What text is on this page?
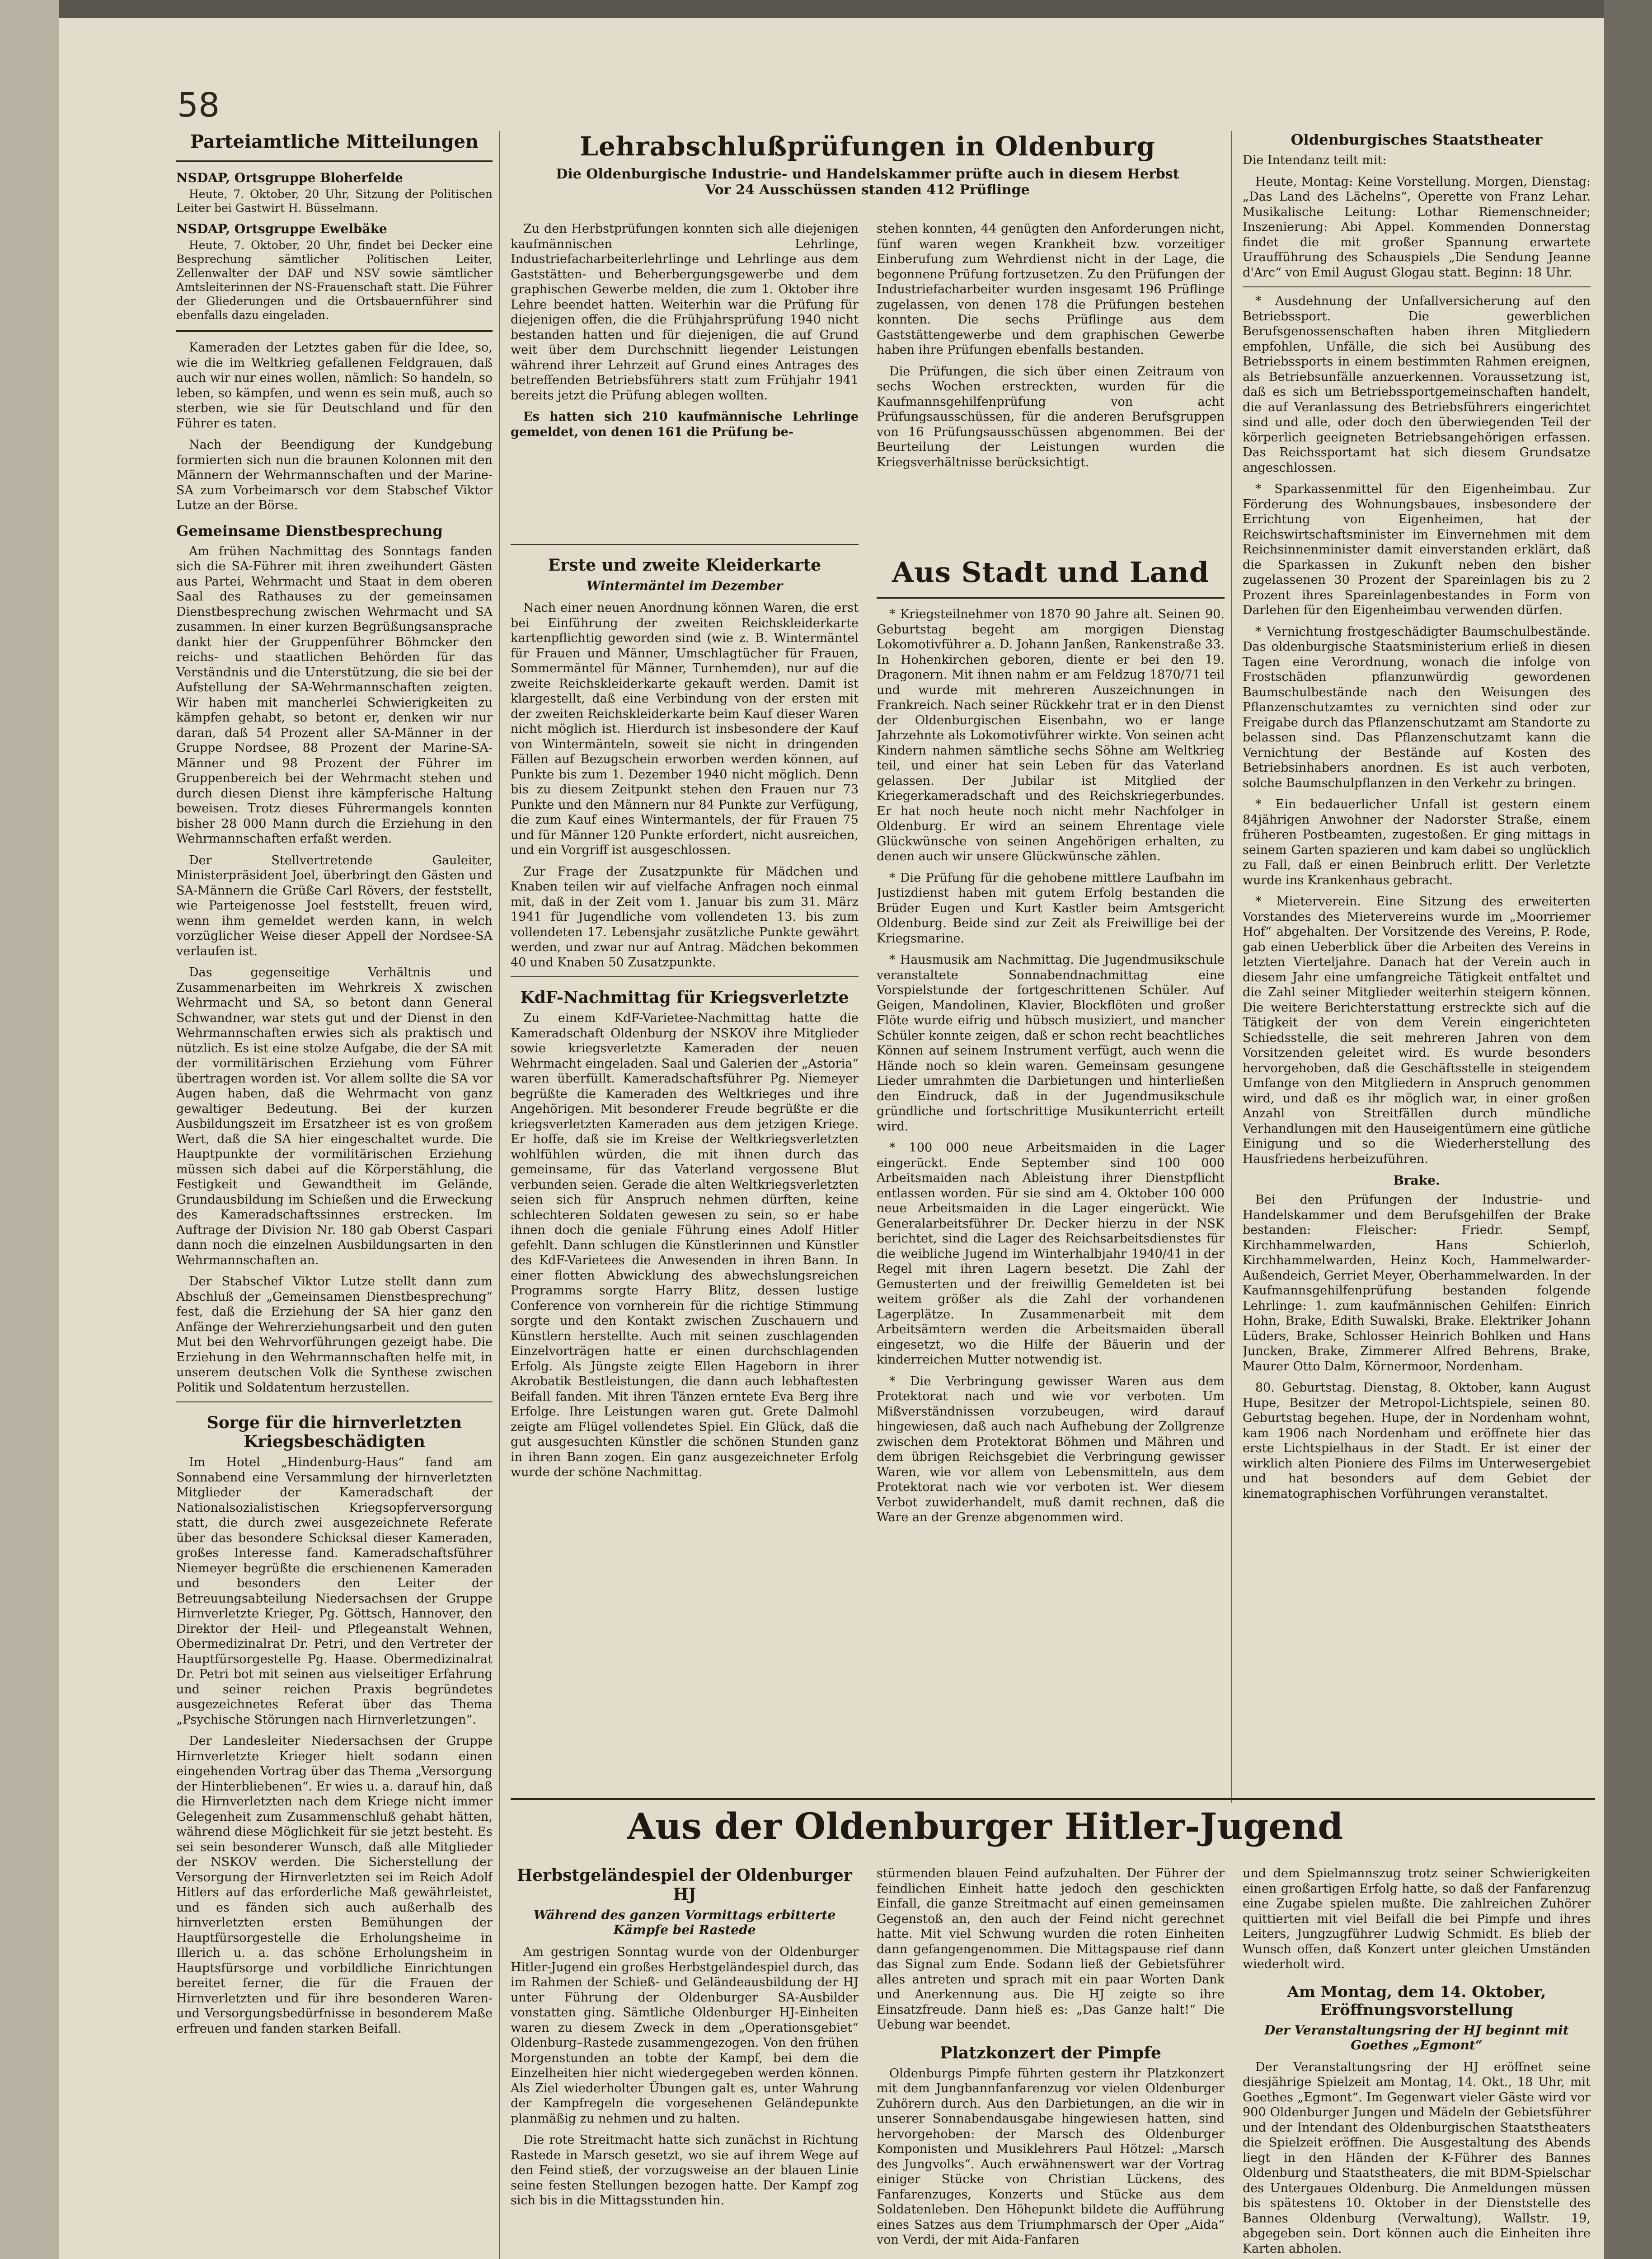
58
Parteiamtliche Mitteilungen
NSDAP, Ortsgruppe Bloherfelde

Heute, 7. Oktober, 20 Uhr, Sitzung der Politischen Leiter bei Gastwirt H. Büsselmann.

NSDAP, Ortsgruppe Ewelbäke

Heute, 7. Oktober, 20 Uhr, findet bei Decker eine Besprechung sämtlicher Politischen Leiter, Zellenwalter der DAF und NSV sowie sämtlicher Amtsleiterinnen der NS-Frauenschaft statt. Die Führer der Gliederungen und die Ortsbauernführer sind ebenfalls dazu eingeladen.

Kameraden der Letztes gaben für die Idee, so, wie die im Weltkrieg gefallenen Feldgrauen, daß auch wir nur eines wollen, nämlich: So handeln, so leben, so kämpfen, und wenn es sein muß, auch so sterben, wie sie für Deutschland und für den Führer es taten.

Nach der Beendigung der Kundgebung formierten sich nun die braunen Kolonnen mit den Männern der Wehrmannschaften und der Marine-SA zum Vorbeimarsch vor dem Stabschef Viktor Lutze an der Börse.

Gemeinsame Dienstbesprechung

Am frühen Nachmittag des Sonntags fanden sich die SA-Führer mit ihren zweihundert Gästen aus Partei, Wehrmacht und Staat in dem oberen Saal des Rathauses zu der gemeinsamen Dienstbesprechung zwischen Wehrmacht und SA zusammen. In einer kurzen Begrüßungsansprache dankt hier der Gruppenführer Böhmcker den reichs- und staatlichen Behörden für das Verständnis und die Unterstützung, die sie bei der Aufstellung der SA-Wehrmannschaften zeigten. Wir haben mit mancherlei Schwierigkeiten zu kämpfen gehabt, so betont er, denken wir nur daran, daß 54 Prozent aller SA-Männer in der Gruppe Nordsee, 88 Prozent der Marine-SA-Männer und 98 Prozent der Führer im Gruppenbereich bei der Wehrmacht stehen und durch diesen Dienst ihre kämpferische Haltung beweisen. Trotz dieses Führermangels konnten bisher 28 000 Mann durch die Erziehung in den Wehrmannschaften erfaßt werden.

Der Stellvertretende Gauleiter, Ministerpräsident Joel, überbringt den Gästen und SA-Männern die Grüße Carl Rövers, der feststellt, wie Parteigenosse Joel feststellt, freuen wird, wenn ihm gemeldet werden kann, in welch vorzüglicher Weise dieser Appell der Nordsee-SA verlaufen ist.

Das gegenseitige Verhältnis und Zusammenarbeiten im Wehrkreis X zwischen Wehrmacht und SA, so betont dann General Schwandner, war stets gut und der Dienst in den Wehrmannschaften erwies sich als praktisch und nützlich. Es ist eine stolze Aufgabe, die der SA mit der vormilitärischen Erziehung vom Führer übertragen worden ist. Vor allem sollte die SA vor Augen haben, daß die Wehrmacht von ganz gewaltiger Bedeutung. Bei der kurzen Ausbildungszeit im Ersatzheer ist es von großem Wert, daß die SA hier eingeschaltet wurde. Die Hauptpunkte der vormilitärischen Erziehung müssen sich dabei auf die Körperstählung, die Festigkeit und Gewandtheit im Gelände, Grundausbildung im Schießen und die Erweckung des Kameradschaftssinnes erstrecken. Im Auftrage der Division Nr. 180 gab Oberst Caspari dann noch die einzelnen Ausbildungsarten in den Wehrmannschaften an.

Der Stabschef Viktor Lutze stellt dann zum Abschluß der „Gemeinsamen Dienstbesprechung“ fest, daß die Erziehung der SA hier ganz den Anfänge der Wehrerziehungsarbeit und den guten Mut bei den Wehrvorführungen gezeigt habe. Die Erziehung in den Wehrmannschaften helfe mit, in unserem deutschen Volk die Synthese zwischen Politik und Soldatentum herzustellen.

Sorge für die hirnverletzten Kriegsbeschädigten

Im Hotel „Hindenburg-Haus“ fand am Sonnabend eine Versammlung der hirnverletzten Mitglieder der Kameradschaft der Nationalsozialistischen Kriegsopferversorgung statt, die durch zwei ausgezeichnete Referate über das besondere Schicksal dieser Kameraden, großes Interesse fand. Kameradschaftsführer Niemeyer begrüßte die erschienenen Kameraden und besonders den Leiter der Betreuungsabteilung Niedersachsen der Gruppe Hirnverletzte Krieger, Pg. Göttsch, Hannover, den Direktor der Heil- und Pflegeanstalt Wehnen, Obermedizinalrat Dr. Petri, und den Vertreter der Hauptfürsorgestelle Pg. Haase. Obermedizinalrat Dr. Petri bot mit seinen aus vielseitiger Erfahrung und seiner reichen Praxis begründetes ausgezeichnetes Referat über das Thema „Psychische Störungen nach Hirnverletzungen“.

Der Landesleiter Niedersachsen der Gruppe Hirnverletzte Krieger hielt sodann einen eingehenden Vortrag über das Thema „Versorgung der Hinterbliebenen“. Er wies u. a. darauf hin, daß die Hirnverletzten nach dem Kriege nicht immer Gelegenheit zum Zusammenschluß gehabt hätten, während diese Möglichkeit für sie jetzt besteht. Es sei sein besonderer Wunsch, daß alle Mitglieder der NSKOV werden. Die Sicherstellung der Versorgung der Hirnverletzten sei im Reich Adolf Hitlers auf das erforderliche Maß gewährleistet, und es fänden sich auch außerhalb des hirnverletzten ersten Bemühungen der Hauptfürsorgestelle die Erholungsheime in Illerich u. a. das schöne Erholungsheim in Hauptsfürsorge und vorbildliche Einrichtungen bereitet ferner, die für die Frauen der Hirnverletzten und für ihre besonderen Waren- und Versorgungsbedürfnisse in besonderem Maße erfreuen und fanden starken Beifall.

Lehrabschlußprüfungen in Oldenburg
Die Oldenburgische Industrie- und Handelskammer prüfte auch in diesem Herbst
Vor 24 Ausschüssen standen 412 Prüflinge

Zu den Herbstprüfungen konnten sich alle diejenigen kaufmännischen Lehrlinge, Industriefacharbeiterlehrlinge und Lehrlinge aus dem Gaststätten- und Beherbergungsgewerbe und dem graphischen Gewerbe melden, die zum 1. Oktober ihre Lehre beendet hatten. Weiterhin war die Prüfung für diejenigen offen, die die Frühjahrsprüfung 1940 nicht bestanden hatten und für diejenigen, die auf Grund weit über dem Durchschnitt liegender Leistungen während ihrer Lehrzeit auf Grund eines Antrages des betreffenden Betriebsführers statt zum Frühjahr 1941 bereits jetzt die Prüfung ablegen wollten.

Es hatten sich 210 kaufmännische Lehrlinge gemeldet, von denen 161 die Prüfung be-

stehen konnten, 44 genügten den Anforderungen nicht, fünf waren wegen Krankheit bzw. vorzeitiger Einberufung zum Wehrdienst nicht in der Lage, die begonnene Prüfung fortzusetzen. Zu den Prüfungen der Industriefacharbeiter wurden insgesamt 196 Prüflinge zugelassen, von denen 178 die Prüfungen bestehen konnten. Die sechs Prüflinge aus dem Gaststättengewerbe und dem graphischen Gewerbe haben ihre Prüfungen ebenfalls bestanden.

Die Prüfungen, die sich über einen Zeitraum von sechs Wochen erstreckten, wurden für die Kaufmannsgehilfenprüfung von acht Prüfungsausschüssen, für die anderen Berufsgruppen von 16 Prüfungsausschüssen abgenommen. Bei der Beurteilung der Leistungen wurden die Kriegsverhältnisse berücksichtigt.

Erste und zweite Kleiderkarte
Wintermäntel im Dezember

Nach einer neuen Anordnung können Waren, die erst bei Einführung der zweiten Reichskleiderkarte kartenpflichtig geworden sind (wie z. B. Wintermäntel für Frauen und Männer, Umschlagtücher für Frauen, Sommermäntel für Männer, Turnhemden), nur auf die zweite Reichskleiderkarte gekauft werden. Damit ist klargestellt, daß eine Verbindung von der ersten mit der zweiten Reichskleiderkarte beim Kauf dieser Waren nicht möglich ist. Hierdurch ist insbesondere der Kauf von Wintermänteln, soweit sie nicht in dringenden Fällen auf Bezugschein erworben werden können, auf Punkte bis zum 1. Dezember 1940 nicht möglich. Denn bis zu diesem Zeitpunkt stehen den Frauen nur 73 Punkte und den Männern nur 84 Punkte zur Verfügung, die zum Kauf eines Wintermantels, der für Frauen 75 und für Männer 120 Punkte erfordert, nicht ausreichen, und ein Vorgriff ist ausgeschlossen.

Zur Frage der Zusatzpunkte für Mädchen und Knaben teilen wir auf vielfache Anfragen noch einmal mit, daß in der Zeit vom 1. Januar bis zum 31. März 1941 für Jugendliche vom vollendeten 13. bis zum vollendeten 17. Lebensjahr zusätzliche Punkte gewährt werden, und zwar nur auf Antrag. Mädchen bekommen 40 und Knaben 50 Zusatzpunkte.

KdF-Nachmittag für Kriegsverletzte

Zu einem KdF-Varietee-Nachmittag hatte die Kameradschaft Oldenburg der NSKOV ihre Mitglieder sowie kriegsverletzte Kameraden der neuen Wehrmacht eingeladen. Saal und Galerien der „Astoria“ waren überfüllt. Kameradschaftsführer Pg. Niemeyer begrüßte die Kameraden des Weltkrieges und ihre Angehörigen. Mit besonderer Freude begrüßte er die kriegsverletzten Kameraden aus dem jetzigen Kriege. Er hoffe, daß sie im Kreise der Weltkriegsverletzten wohlfühlen würden, die mit ihnen durch das gemeinsame, für das Vaterland vergossene Blut verbunden seien. Gerade die alten Weltkriegsverletzten seien sich für Anspruch nehmen dürften, keine schlechteren Soldaten gewesen zu sein, so er habe ihnen doch die geniale Führung eines Adolf Hitler gefehlt. Dann schlugen die Künstlerinnen und Künstler des KdF-Varietees die Anwesenden in ihren Bann. In einer flotten Abwicklung des abwechslungsreichen Programms sorgte Harry Blitz, dessen lustige Conference von vornherein für die richtige Stimmung sorgte und den Kontakt zwischen Zuschauern und Künstlern herstellte. Auch mit seinen zuschlagenden Einzelvorträgen hatte er einen durchschlagenden Erfolg. Als Jüngste zeigte Ellen Hageborn in ihrer Akrobatik Bestleistungen, die dann auch lebhaftesten Beifall fanden. Mit ihren Tänzen erntete Eva Berg ihre Erfolge. Ihre Leistungen waren gut. Grete Dalmohl zeigte am Flügel vollendetes Spiel. Ein Glück, daß die gut ausgesuchten Künstler die schönen Stunden ganz in ihren Bann zogen. Ein ganz ausgezeichneter Erfolg wurde der schöne Nachmittag.

Aus Stadt und Land

* Kriegsteilnehmer von 1870 90 Jahre alt. Seinen 90. Geburtstag begeht am morgigen Dienstag Lokomotivführer a. D. Johann Janßen, Rankenstraße 33. In Hohenkirchen geboren, diente er bei den 19. Dragonern. Mit ihnen nahm er am Feldzug 1870/71 teil und wurde mit mehreren Auszeichnungen in Frankreich. Nach seiner Rückkehr trat er in den Dienst der Oldenburgischen Eisenbahn, wo er lange Jahrzehnte als Lokomotivführer wirkte. Von seinen acht Kindern nahmen sämtliche sechs Söhne am Weltkrieg teil, und einer hat sein Leben für das Vaterland gelassen. Der Jubilar ist Mitglied der Kriegerkameradschaft und des Reichskriegerbundes. Er hat noch heute noch nicht mehr Nachfolger in Oldenburg. Er wird an seinem Ehrentage viele Glückwünsche von seinen Angehörigen erhalten, zu denen auch wir unsere Glückwünsche zählen.

* Die Prüfung für die gehobene mittlere Laufbahn im Justizdienst haben mit gutem Erfolg bestanden die Brüder Eugen und Kurt Kastler beim Amtsgericht Oldenburg. Beide sind zur Zeit als Freiwillige bei der Kriegsmarine.

* Hausmusik am Nachmittag. Die Jugendmusikschule veranstaltete Sonnabendnachmittag eine Vorspielstunde der fortgeschrittenen Schüler. Auf Geigen, Mandolinen, Klavier, Blockflöten und großer Flöte wurde eifrig und hübsch musiziert, und mancher Schüler konnte zeigen, daß er schon recht beachtliches Können auf seinem Instrument verfügt, auch wenn die Hände noch so klein waren. Gemeinsam gesungene Lieder umrahmten die Darbietungen und hinterließen den Eindruck, daß in der Jugendmusikschule gründliche und fortschrittige Musikunterricht erteilt wird.

* 100 000 neue Arbeitsmaiden in die Lager eingerückt. Ende September sind 100 000 Arbeitsmaiden nach Ableistung ihrer Dienstpflicht entlassen worden. Für sie sind am 4. Oktober 100 000 neue Arbeitsmaiden in die Lager eingerückt. Wie Generalarbeitsführer Dr. Decker hierzu in der NSK berichtet, sind die Lager des Reichsarbeitsdienstes für die weibliche Jugend im Winterhalbjahr 1940/41 in der Regel mit ihren Lagern besetzt. Die Zahl der Gemusterten und der freiwillig Gemeldeten ist bei weitem größer als die Zahl der vorhandenen Lagerplätze. In Zusammenarbeit mit dem Arbeitsämtern werden die Arbeitsmaiden überall eingesetzt, wo die Hilfe der Bäuerin und der kinderreichen Mutter notwendig ist.

* Die Verbringung gewisser Waren aus dem Protektorat nach und wie vor verboten. Um Mißverständnissen vorzubeugen, wird darauf hingewiesen, daß auch nach Aufhebung der Zollgrenze zwischen dem Protektorat Böhmen und Mähren und dem übrigen Reichsgebiet die Verbringung gewisser Waren, wie vor allem von Lebensmitteln, aus dem Protektorat nach wie vor verboten ist. Wer diesem Verbot zuwiderhandelt, muß damit rechnen, daß die Ware an der Grenze abgenommen wird.

Oldenburgisches Staatstheater

Die Intendanz teilt mit:

Heute, Montag: Keine Vorstellung. Morgen, Dienstag: „Das Land des Lächelns“, Operette von Franz Lehar. Musikalische Leitung: Lothar Riemenschneider; Inszenierung: Abi Appel. Kommenden Donnerstag findet die mit großer Spannung erwartete Uraufführung des Schauspiels „Die Sendung Jeanne d'Arc“ von Emil August Glogau statt. Beginn: 18 Uhr.

* Ausdehnung der Unfallversicherung auf den Betriebssport. Die gewerblichen Berufsgenossenschaften haben ihren Mitgliedern empfohlen, Unfälle, die sich bei Ausübung des Betriebssports in einem bestimmten Rahmen ereignen, als Betriebsunfälle anzuerkennen. Voraussetzung ist, daß es sich um Betriebssportgemeinschaften handelt, die auf Veranlassung des Betriebsführers eingerichtet sind und alle, oder doch den überwiegenden Teil der körperlich geeigneten Betriebsangehörigen erfassen. Das Reichssportamt hat sich diesem Grundsatze angeschlossen.

* Sparkassenmittel für den Eigenheimbau. Zur Förderung des Wohnungsbaues, insbesondere der Errichtung von Eigenheimen, hat der Reichswirtschaftsminister im Einvernehmen mit dem Reichsinnenminister damit einverstanden erklärt, daß die Sparkassen in Zukunft neben den bisher zugelassenen 30 Prozent der Spareinlagen bis zu 2 Prozent ihres Spareinlagenbestandes in Form von Darlehen für den Eigenheimbau verwenden dürfen.

* Vernichtung frostgeschädigter Baumschulbestände. Das oldenburgische Staatsministerium erließ in diesen Tagen eine Verordnung, wonach die infolge von Frostschäden pflanzunwürdig gewordenen Baumschulbestände nach den Weisungen des Pflanzenschutzamtes zu vernichten sind oder zur Freigabe durch das Pflanzenschutzamt am Standorte zu belassen sind. Das Pflanzenschutzamt kann die Vernichtung der Bestände auf Kosten des Betriebsinhabers anordnen. Es ist auch verboten, solche Baumschulpflanzen in den Verkehr zu bringen.

* Ein bedauerlicher Unfall ist gestern einem 84jährigen Anwohner der Nadorster Straße, einem früheren Postbeamten, zugestoßen. Er ging mittags in seinem Garten spazieren und kam dabei so unglücklich zu Fall, daß er einen Beinbruch erlitt. Der Verletzte wurde ins Krankenhaus gebracht.

* Mieterverein. Eine Sitzung des erweiterten Vorstandes des Mietervereins wurde im „Moorriemer Hof“ abgehalten. Der Vorsitzende des Vereins, P. Rode, gab einen Ueberblick über die Arbeiten des Vereins in letzten Vierteljahre. Danach hat der Verein auch in diesem Jahr eine umfangreiche Tätigkeit entfaltet und die Zahl seiner Mitglieder weiterhin steigern können. Die weitere Berichterstattung erstreckte sich auf die Tätigkeit der von dem Verein eingerichteten Schiedsstelle, die seit mehreren Jahren von dem Vorsitzenden geleitet wird. Es wurde besonders hervorgehoben, daß die Geschäftsstelle in steigendem Umfange von den Mitgliedern in Anspruch genommen wird, und daß es ihr möglich war, in einer großen Anzahl von Streitfällen durch mündliche Verhandlungen mit den Hauseigentümern eine gütliche Einigung und so die Wiederherstellung des Hausfriedens herbeizuführen.

Brake.

Bei den Prüfungen der Industrie- und Handelskammer und dem Berufsgehilfen der Brake bestanden: Fleischer: Friedr. Sempf, Kirchhammelwarden, Hans Schierloh, Kirchhammelwarden, Heinz Koch, Hammelwarder-Außendeich, Gerriet Meyer, Oberhammelwarden. In der Kaufmannsgehilfenprüfung bestanden folgende Lehrlinge: 1. zum kaufmännischen Gehilfen: Einrich Hohn, Brake, Edith Suwalski, Brake. Elektriker Johann Lüders, Brake, Schlosser Heinrich Bohlken und Hans Juncken, Brake, Zimmerer Alfred Behrens, Brake, Maurer Otto Dalm, Körnermoor, Nordenham.

80. Geburtstag. Dienstag, 8. Oktober, kann August Hupe, Besitzer der Metropol-Lichtspiele, seinen 80. Geburtstag begehen. Hupe, der in Nordenham wohnt, kam 1906 nach Nordenham und eröffnete hier das erste Lichtspielhaus in der Stadt. Er ist einer der wirklich alten Pioniere des Films im Unterwesergebiet und hat besonders auf dem Gebiet der kinematographischen Vorführungen veranstaltet.

Aus der Oldenburger Hitler-Jugend
Herbstgeländespiel der Oldenburger HJ
Während des ganzen Vormittags erbitterte Kämpfe bei Rastede

Am gestrigen Sonntag wurde von der Oldenburger Hitler-Jugend ein großes Herbstgeländespiel durch, das im Rahmen der Schieß- und Geländeausbildung der HJ unter Führung der Oldenburger SA-Ausbilder vonstatten ging. Sämtliche Oldenburger HJ-Einheiten waren zu diesem Zweck in dem „Operationsgebiet“ Oldenburg–Rastede zusammengezogen. Von den frühen Morgenstunden an tobte der Kampf, bei dem die Einzelheiten hier nicht wiedergegeben werden können. Als Ziel wiederholter Übungen galt es, unter Wahrung der Kampfregeln die vorgesehenen Geländepunkte planmäßig zu nehmen und zu halten.

Die rote Streitmacht hatte sich zunächst in Richtung Rastede in Marsch gesetzt, wo sie auf ihrem Wege auf den Feind stieß, der vorzugsweise an der blauen Linie seine festen Stellungen bezogen hatte. Der Kampf zog sich bis in die Mittagsstunden hin.

stürmenden blauen Feind aufzuhalten. Der Führer der feindlichen Einheit hatte jedoch den geschickten Einfall, die ganze Streitmacht auf einen gemeinsamen Gegenstoß an, den auch der Feind nicht gerechnet hatte. Mit viel Schwung wurden die roten Einheiten dann gefangengenommen. Die Mittagspause rief dann das Signal zum Ende. Sodann ließ der Gebietsführer alles antreten und sprach mit ein paar Worten Dank und Anerkennung aus. Die HJ zeigte so ihre Einsatzfreude. Dann hieß es: „Das Ganze halt!“ Die Uebung war beendet.

Platzkonzert der Pimpfe

Oldenburgs Pimpfe führten gestern ihr Platzkonzert mit dem Jungbannfanfarenzug vor vielen Oldenburger Zuhörern durch. Aus den Darbietungen, an die wir in unserer Sonnabendausgabe hingewiesen hatten, sind hervorgehoben: der Marsch des Oldenburger Komponisten und Musiklehrers Paul Hötzel: „Marsch des Jungvolks“. Auch erwähnenswert war der Vortrag einiger Stücke von Christian Lückens, des Fanfarenzuges, Konzerts und Stücke aus dem Soldatenleben. Den Höhepunkt bildete die Aufführung eines Satzes aus dem Triumphmarsch der Oper „Aida“ von Verdi, der mit Aida-Fanfaren

und dem Spielmannszug trotz seiner Schwierigkeiten einen großartigen Erfolg hatte, so daß der Fanfarenzug eine Zugabe spielen mußte. Die zahlreichen Zuhörer quittierten mit viel Beifall die bei Pimpfe und ihres Leiters, Jungzugführer Ludwig Schmidt. Es blieb der Wunsch offen, daß Konzert unter gleichen Umständen wiederholt wird.

Am Montag, dem 14. Oktober, Eröffnungsvorstellung
Der Veranstaltungsring der HJ beginnt mit Goethes „Egmont“

Der Veranstaltungsring der HJ eröffnet seine diesjährige Spielzeit am Montag, 14. Okt., 18 Uhr, mit Goethes „Egmont“. Im Gegenwart vieler Gäste wird vor 900 Oldenburger Jungen und Mädeln der Gebietsführer und der Intendant des Oldenburgischen Staatstheaters die Spielzeit eröffnen. Die Ausgestaltung des Abends liegt in den Händen der K-Führer des Bannes Oldenburg und Staatstheaters, die mit BDM-Spielschar des Untergaues Oldenburg. Die Anmeldungen müssen bis spätestens 10. Oktober in der Dienststelle des Bannes Oldenburg (Verwaltung), Wallstr. 19, abgegeben sein. Dort können auch die Einheiten ihre Karten abholen.
